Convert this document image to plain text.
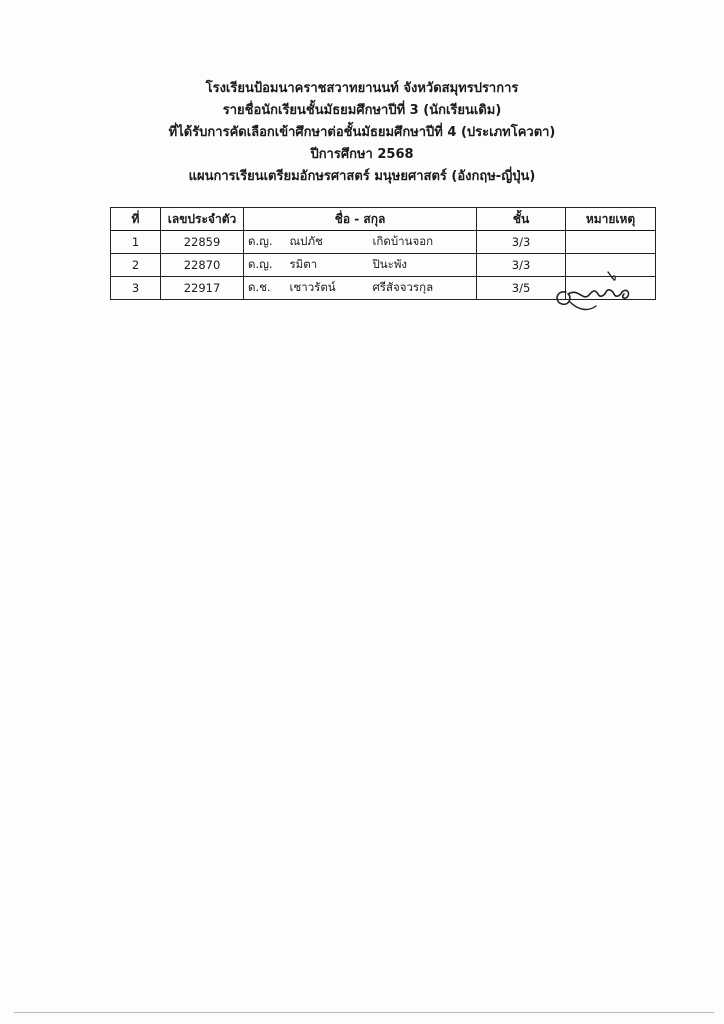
โรงเรียนป้อมนาคราชสวาทยานนท์ จังหวัดสมุทรปราการ
รายชื่อนักเรียนชั้นมัธยมศึกษาปีที่ 3 (นักเรียนเดิม)
ที่ได้รับการคัดเลือกเข้าศึกษาต่อชั้นมัธยมศึกษาปีที่ 4 (ประเภทโควตา)
ปีการศึกษา 2568
แผนการเรียนเตรียมอักษรศาสตร์ มนุษยศาสตร์ (อังกฤษ-ญี่ปุ่น)
ที่	เลขประจำตัว	ชื่อ - สกุล			ชั้น	หมายเหตุ
1	22859	ด.ญ.	ณปภัช	เกิดบ้านจอก	3/3	
2	22870	ด.ญ.	รมิตา	ปินะพัง	3/3	
3	22917	ด.ช.	เชาวรัตน์	ศรีสัจจวรกุล	3/5	
